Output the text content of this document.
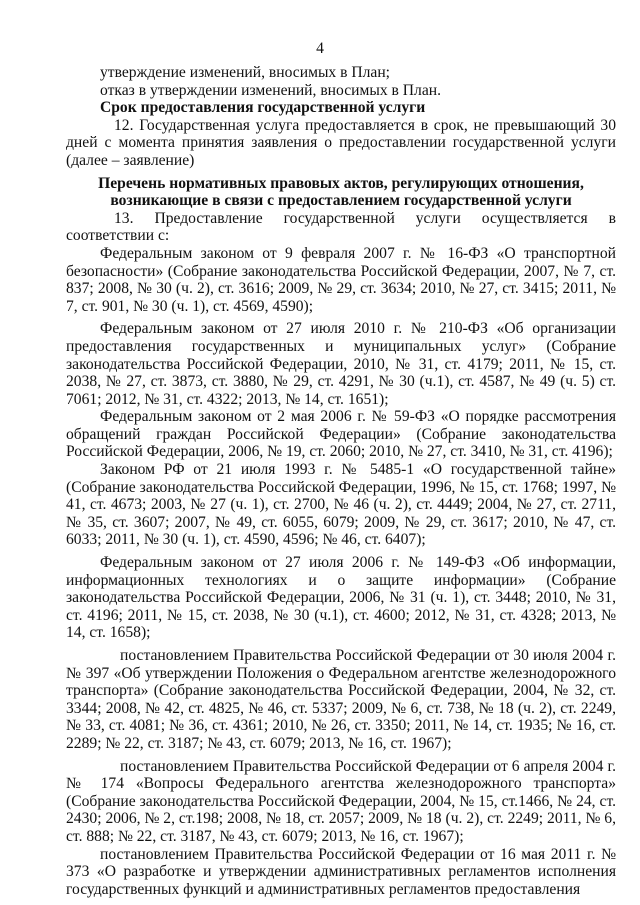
4

утверждение изменений, вносимых в План;

отказ в утверждении изменений, вносимых в План.

Срок предоставления государственной услуги

12. Государственная услуга предоставляется в срок, не превышающий 30 дней с момента принятия заявления о предоставлении государственной услуги (далее – заявление)

Перечень нормативных правовых актов, регулирующих отношения, возникающие в связи с предоставлением государственной услуги

13. Предоставление государственной услуги осуществляется в соответствии с:

Федеральным законом от 9 февраля 2007 г. № 16-ФЗ «О транспортной безопасности» (Собрание законодательства Российской Федерации, 2007, № 7, ст. 837; 2008, № 30 (ч. 2), ст. 3616; 2009, № 29, ст. 3634; 2010, № 27, ст. 3415; 2011, № 7, ст. 901, № 30 (ч. 1), ст. 4569, 4590);

Федеральным законом от 27 июля 2010 г. № 210-ФЗ «Об организации предоставления государственных и муниципальных услуг» (Собрание законодательства Российской Федерации, 2010, № 31, ст. 4179; 2011, № 15, ст. 2038, № 27, ст. 3873, ст. 3880, № 29, ст. 4291, № 30 (ч.1), ст. 4587, № 49 (ч. 5) ст. 7061; 2012, № 31, ст. 4322; 2013, № 14, ст. 1651);

Федеральным законом от 2 мая 2006 г. № 59-ФЗ «О порядке рассмотрения обращений граждан Российской Федерации» (Собрание законодательства Российской Федерации, 2006, № 19, ст. 2060; 2010, № 27, ст. 3410, № 31, ст. 4196);

Законом РФ от 21 июля 1993 г. № 5485-1 «О государственной тайне» (Собрание законодательства Российской Федерации, 1996, № 15, ст. 1768; 1997, № 41, ст. 4673; 2003, № 27 (ч. 1), ст. 2700, № 46 (ч. 2), ст. 4449; 2004, № 27, ст. 2711, № 35, ст. 3607; 2007, № 49, ст. 6055, 6079; 2009, № 29, ст. 3617; 2010, № 47, ст. 6033; 2011, № 30 (ч. 1), ст. 4590, 4596; № 46, ст. 6407);

Федеральным законом от 27 июля 2006 г. № 149-ФЗ «Об информации, информационных технологиях и о защите информации» (Собрание законодательства Российской Федерации, 2006, № 31 (ч. 1), ст. 3448; 2010, № 31, ст. 4196; 2011, № 15, ст. 2038, № 30 (ч.1), ст. 4600; 2012, № 31, ст. 4328; 2013, № 14, ст. 1658);

постановлением Правительства Российской Федерации от 30 июля 2004 г. № 397 «Об утверждении Положения о Федеральном агентстве железнодорожного транспорта» (Собрание законодательства Российской Федерации, 2004, № 32, ст. 3344; 2008, № 42, ст. 4825, № 46, ст. 5337; 2009, № 6, ст. 738, № 18 (ч. 2), ст. 2249, № 33, ст. 4081; № 36, ст. 4361; 2010, № 26, ст. 3350; 2011, № 14, ст. 1935; № 16, ст. 2289; № 22, ст. 3187; № 43, ст. 6079; 2013, № 16, ст. 1967);

постановлением Правительства Российской Федерации от 6 апреля 2004 г. № 174 «Вопросы Федерального агентства железнодорожного транспорта» (Собрание законодательства Российской Федерации, 2004, № 15, ст.1466, № 24, ст. 2430; 2006, № 2, ст.198; 2008, № 18, ст. 2057; 2009, № 18 (ч. 2), ст. 2249; 2011, № 6, ст. 888; № 22, ст. 3187, № 43, ст. 6079; 2013, № 16, ст. 1967);

постановлением Правительства Российской Федерации от 16 мая 2011 г. № 373 «О разработке и утверждении административных регламентов исполнения государственных функций и административных регламентов предоставления
